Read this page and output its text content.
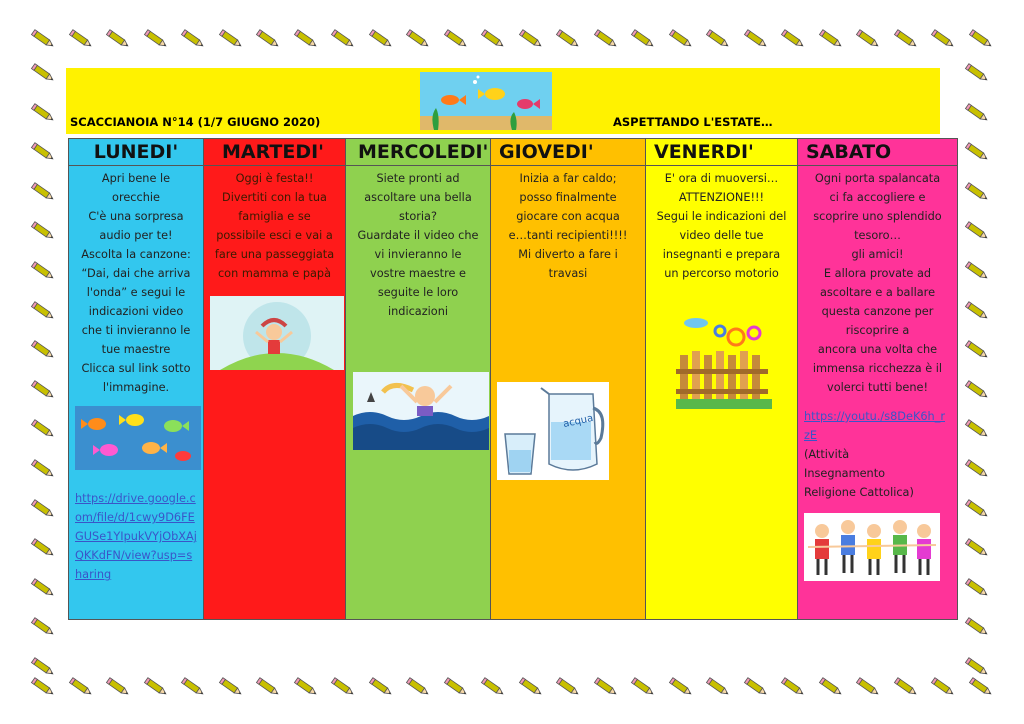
SCACCIANOIA N°14 (1/7 GIUGNO 2020)	ASPETTANDO L'ESTATE…
LUNEDI'

Apri bene le

orecchie

C'è una sorpresa

audio per te!

Ascolta la canzone:

“Dai, dai che arriva

l'onda” e segui le

indicazioni video

che ti invieranno le

tue maestre

Clicca sul link sotto

l'immagine.

https://drive.google.com/file/d/1cwy9D6FEGUSe1YIpukVYjObXAjQKKdFN/view?usp=sharing
MARTEDI'

Oggi è festa!!

Divertiti con la tua

famiglia e se

possibile esci e vai a

fare una passeggiata

con mamma e papà

MERCOLEDI'

Siete pronti ad

ascoltare una bella

storia?

Guardate il video che

vi invieranno le

vostre maestre e

seguite le loro

indicazioni

GIOVEDI'

Inizia a far caldo;

posso finalmente

giocare con acqua

e…tanti recipienti!!!!

Mi diverto a fare i

travasi

acqua
VENERDI'

E' ora di muoversi…

ATTENZIONE!!!

Segui le indicazioni del

video delle tue

insegnanti e prepara

un percorso motorio

SABATO

Ogni porta spalancata

ci fa accogliere e

scoprire uno splendido

tesoro…

gli amici!

E allora provate ad

ascoltare e a ballare

questa canzone per

riscoprire a

ancora una volta che

immensa ricchezza è il

volerci tutti bene!

https://youtu./s8DeK6h_rzE
(Attività
Insegnamento
Religione Cattolica)
